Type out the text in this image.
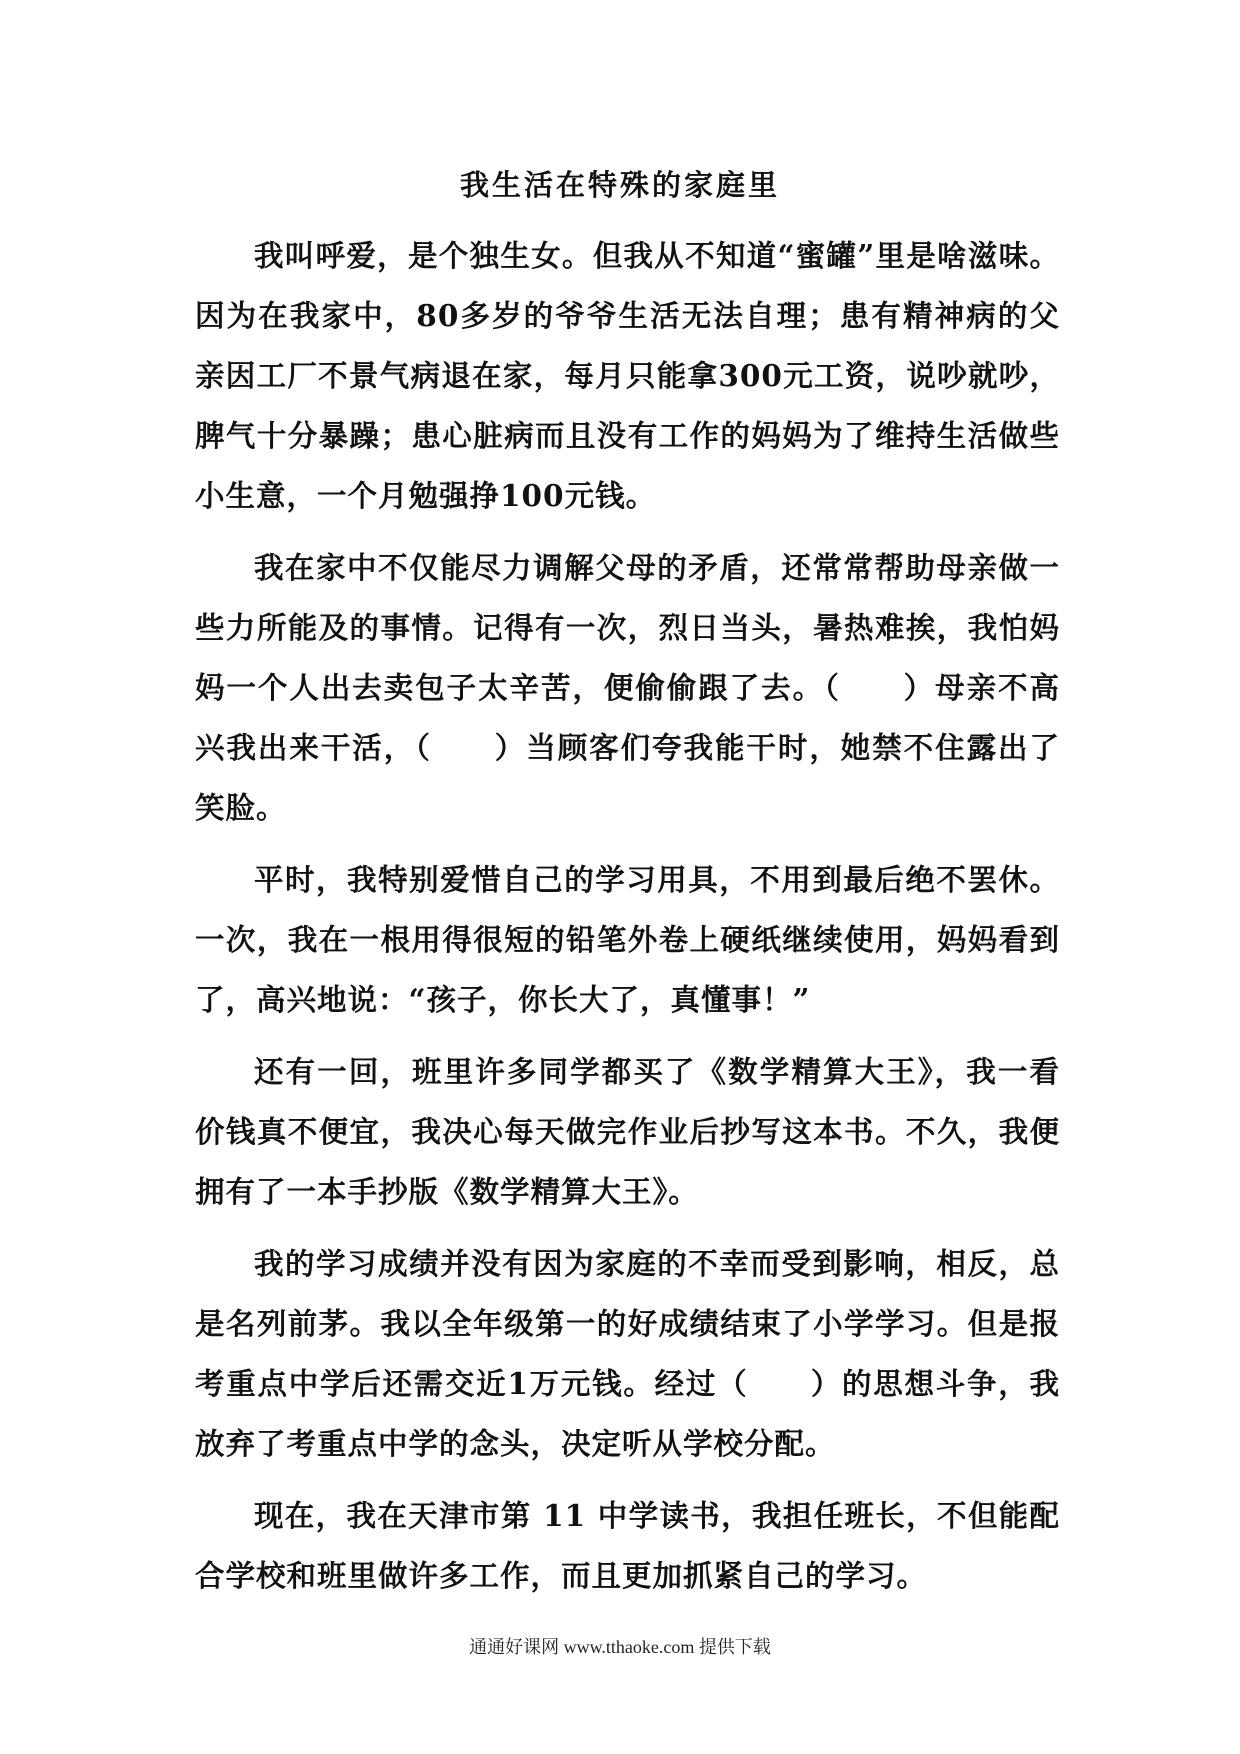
我生活在特殊的家庭里

我叫呼爱，是个独生女。但我从不知道“蜜罐”里是啥滋味。因为在我家中，80多岁的爷爷生活无法自理；患有精神病的父亲因工厂不景气病退在家，每月只能拿300元工资，说吵就吵，脾气十分暴躁；患心脏病而且没有工作的妈妈为了维持生活做些小生意，一个月勉强挣100元钱。

我在家中不仅能尽力调解父母的矛盾，还常常帮助母亲做一些力所能及的事情。记得有一次，烈日当头，暑热难挨，我怕妈妈一个人出去卖包子太辛苦，便偷偷跟了去。（　　）母亲不高兴我出来干活，（　　）当顾客们夸我能干时，她禁不住露出了笑脸。

平时，我特别爱惜自己的学习用具，不用到最后绝不罢休。一次，我在一根用得很短的铅笔外卷上硬纸继续使用，妈妈看到了，高兴地说：“孩子，你长大了，真懂事！”

还有一回，班里许多同学都买了《数学精算大王》，我一看价钱真不便宜，我决心每天做完作业后抄写这本书。不久，我便拥有了一本手抄版《数学精算大王》。

我的学习成绩并没有因为家庭的不幸而受到影响，相反，总是名列前茅。我以全年级第一的好成绩结束了小学学习。但是报考重点中学后还需交近1万元钱。经过（　　）的思想斗争，我放弃了考重点中学的念头，决定听从学校分配。

现在，我在天津市第 11 中学读书，我担任班长，不但能配合学校和班里做许多工作，而且更加抓紧自己的学习。

通通好课网 www.tthaoke.com 提供下载
